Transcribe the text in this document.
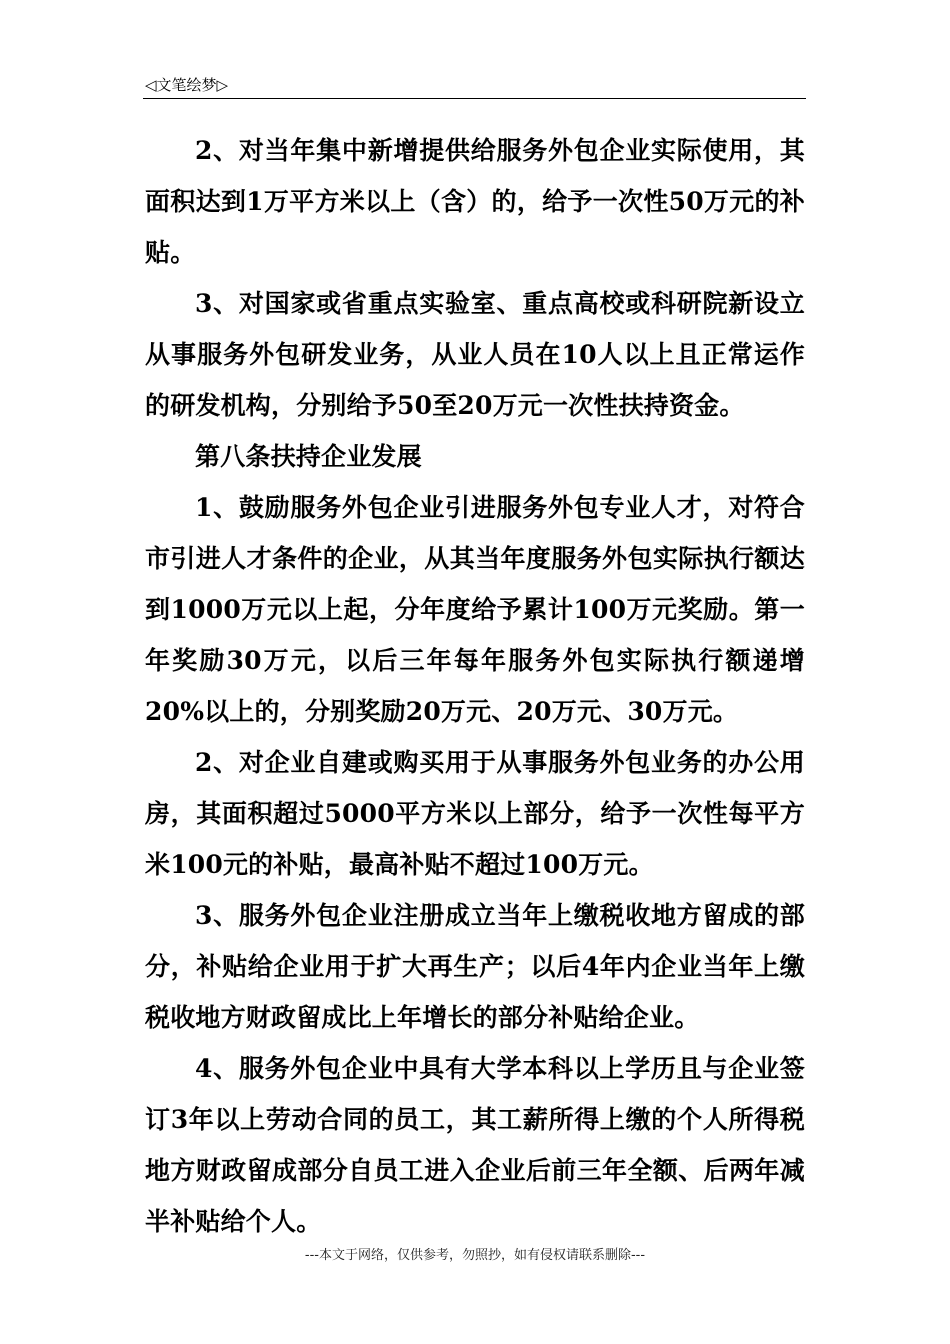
◁文笔绘梦▷

2、对当年集中新增提供给服务外包企业实际使用，其面积达到1万平方米以上（含）的，给予一次性50万元的补贴。

3、对国家或省重点实验室、重点高校或科研院新设立从事服务外包研发业务，从业人员在10人以上且正常运作的研发机构，分别给予50至20万元一次性扶持资金。

第八条扶持企业发展

1、鼓励服务外包企业引进服务外包专业人才，对符合市引进人才条件的企业，从其当年度服务外包实际执行额达到1000万元以上起，分年度给予累计100万元奖励。第一年奖励30万元，以后三年每年服务外包实际执行额递增20%以上的，分别奖励20万元、20万元、30万元。

2、对企业自建或购买用于从事服务外包业务的办公用房，其面积超过5000平方米以上部分，给予一次性每平方米100元的补贴，最高补贴不超过100万元。

3、服务外包企业注册成立当年上缴税收地方留成的部分，补贴给企业用于扩大再生产；以后4年内企业当年上缴税收地方财政留成比上年增长的部分补贴给企业。

4、服务外包企业中具有大学本科以上学历且与企业签订3年以上劳动合同的员工，其工薪所得上缴的个人所得税地方财政留成部分自员工进入企业后前三年全额、后两年减半补贴给个人。

---本文于网络，仅供参考，勿照抄，如有侵权请联系删除---
